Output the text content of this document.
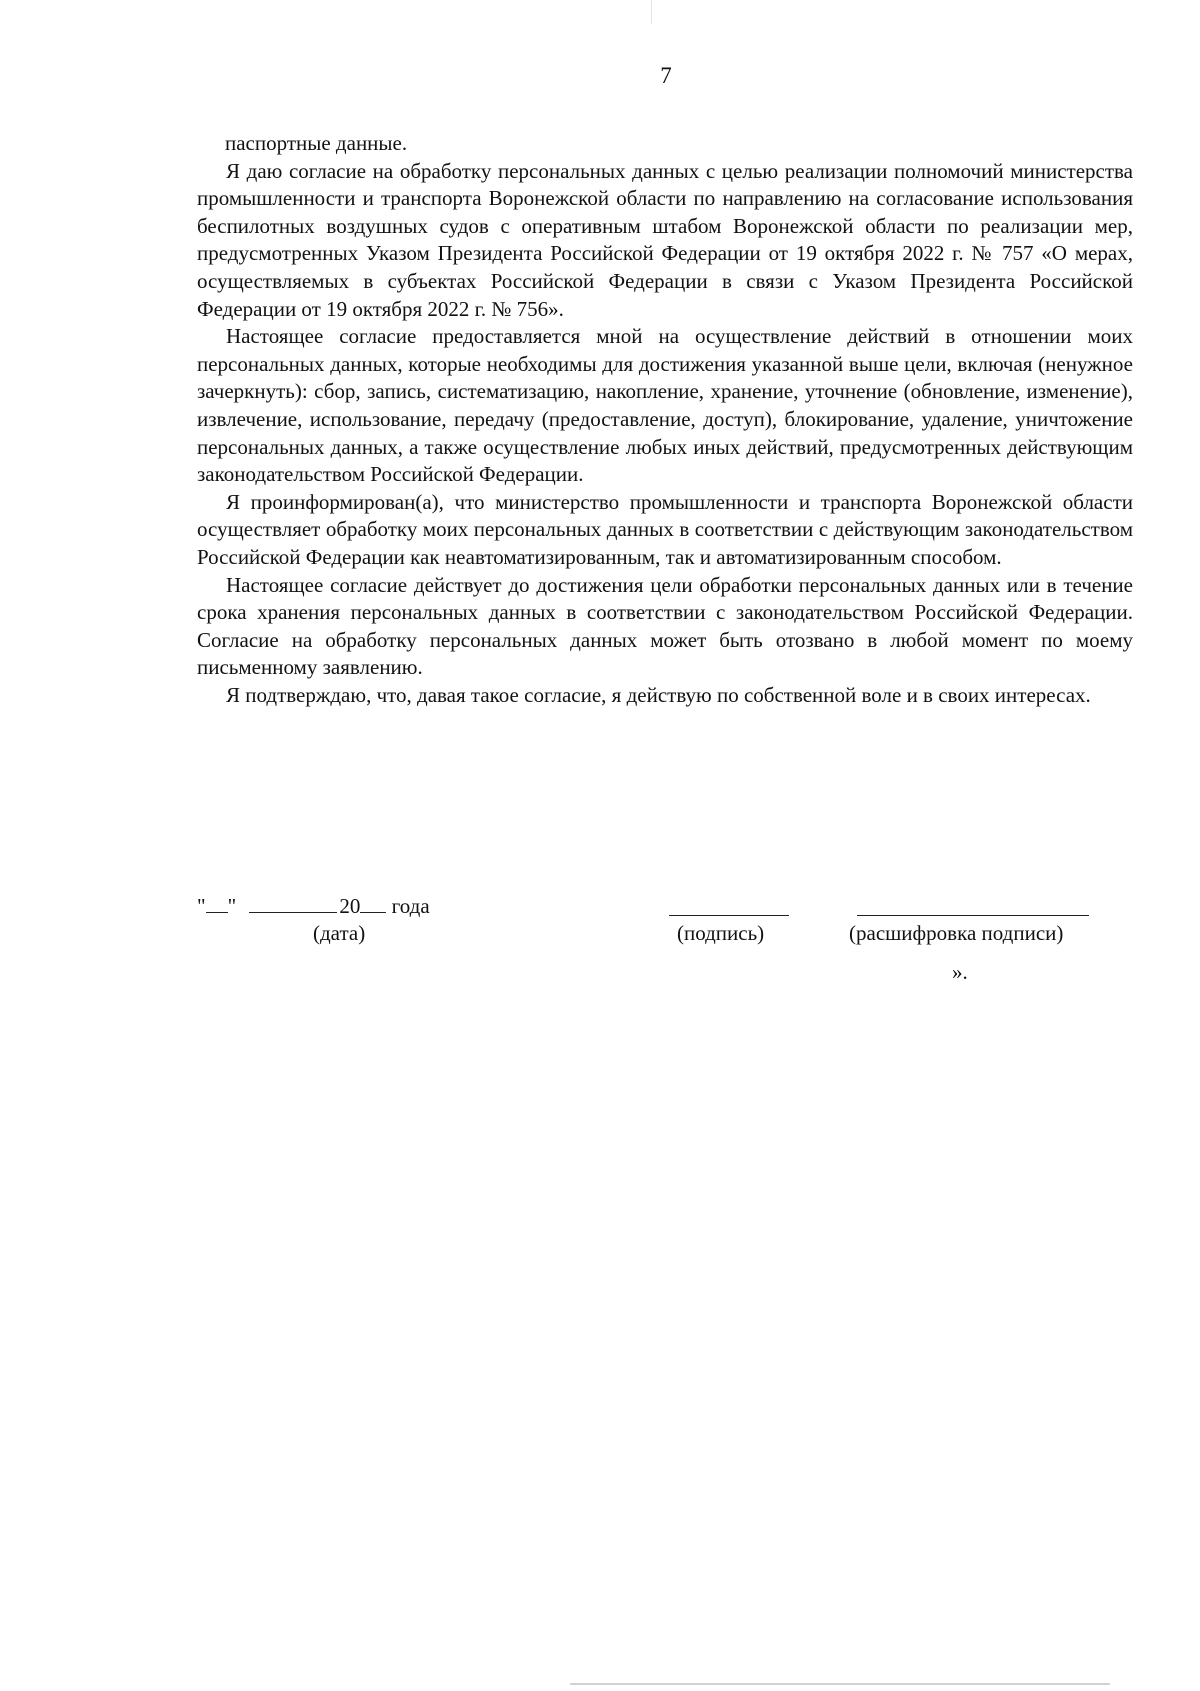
7

паспортные данные.

Я даю согласие на обработку персональных данных с целью реализации полномочий министерства промышленности и транспорта Воронежской области по направлению на согласование использования беспилотных воздушных судов с оперативным штабом Воронежской области по реализации мер, предусмотренных Указом Президента Российской Федерации от 19 октября 2022 г. № 757 «О мерах, осуществляемых в субъектах Российской Федерации в связи с Указом Президента Российской Федерации от 19 октября 2022 г. № 756».

Настоящее согласие предоставляется мной на осуществление действий в отношении моих персональных данных, которые необходимы для достижения указанной выше цели, включая (ненужное зачеркнуть): сбор, запись, систематизацию, накопление, хранение, уточнение (обновление, изменение), извлечение, использование, передачу (предоставление, доступ), блокирование, удаление, уничтожение персональных данных, а также осуществление любых иных действий, предусмотренных действующим законодательством Российской Федерации.

Я проинформирован(а), что министерство промышленности и транспорта Воронежской области осуществляет обработку моих персональных данных в соответствии с действующим законодательством Российской Федерации как неавтоматизированным, так и автоматизированным способом.

Настоящее согласие действует до достижения цели обработки персональных данных или в течение срока хранения персональных данных в соответствии с законодательством Российской Федерации. Согласие на обработку персональных данных может быть отозвано в любой момент по моему письменному заявлению.

Я подтверждаю, что, давая такое согласие, я действую по собственной воле и в своих интересах.

" "	20 года
(дата)	(подпись)	(расшифровка подписи)
».
